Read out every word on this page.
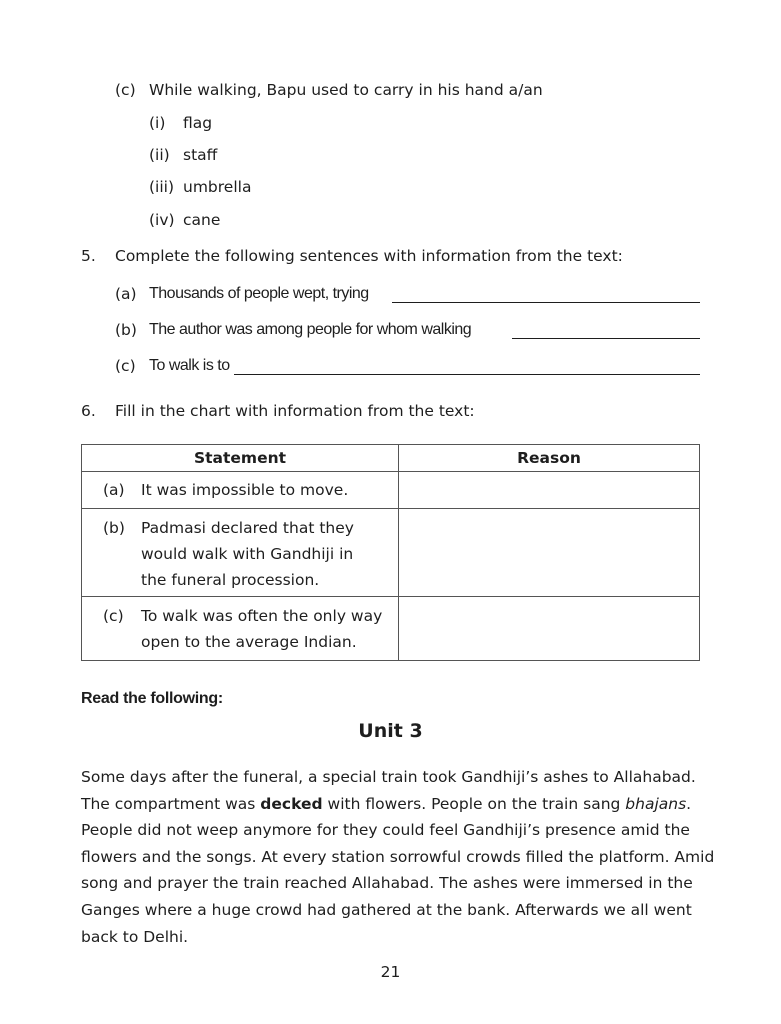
(c) While walking, Bapu used to carry in his hand a/an
(i) flag
(ii) staff
(iii) umbrella
(iv) cane
5. Complete the following sentences with information from the text:
(a) Thousands of people wept, trying
(b) The author was among people for whom walking
(c) To walk is to
6. Fill in the chart with information from the text:
Statement	Reason

(a) It was impossible to move.	

(b) Padmasi declared that they would walk with Gandhiji in the funeral procession.	

(c) To walk was often the only way open to the average Indian.	

Read the following:
Unit 3

Some days after the funeral, a special train took Gandhiji’s ashes to Allahabad.

The compartment was decked with flowers. People on the train sang bhajans.

People did not weep anymore for they could feel Gandhiji’s presence amid the

flowers and the songs. At every station sorrowful crowds filled the platform. Amid

song and prayer the train reached Allahabad. The ashes were immersed in the

Ganges where a huge crowd had gathered at the bank. Afterwards we all went

back to Delhi.

21
